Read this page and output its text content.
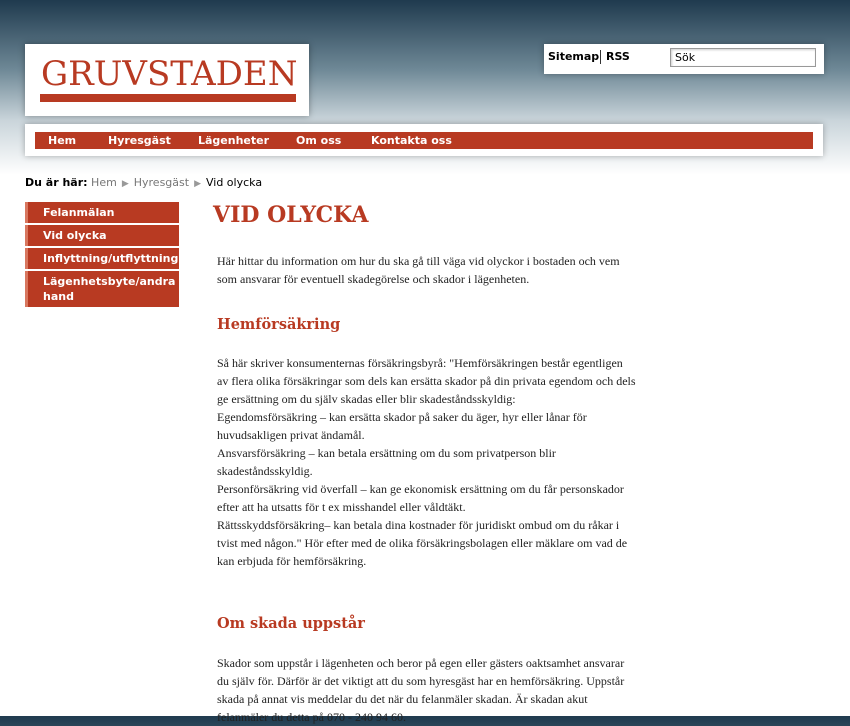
GRUVSTADEN	Sitemap RSS
Sök
Hem	Hyresgäst Lägenheter Om oss	Kontakta oss
Du är här: Hem ▶ Hyresgäst ▶ Vid olycka
Felanmälan
Vid olycka
Inflyttning/utflyttning
Lägenhetsbyte/andra hand
VID OLYCKA
Här hittar du information om hur du ska gå till väga vid olyckor i bostaden och vem som ansvarar för eventuell skadegörelse och skador i lägenheten.
Hemförsäkring
Så här skriver konsumenternas försäkringsbyrå: "Hemförsäkringen består egentligen av flera olika försäkringar som dels kan ersätta skador på din privata egendom och dels ge ersättning om du själv skadas eller blir skadeståndsskyldig:
Egendomsförsäkring – kan ersätta skador på saker du äger, hyr eller lånar för huvudsakligen privat ändamål.
Ansvarsförsäkring – kan betala ersättning om du som privatperson blir skadeståndsskyldig.
Personförsäkring vid överfall – kan ge ekonomisk ersättning om du får personskador efter att ha utsatts för t ex misshandel eller våldtäkt.
Rättsskyddsförsäkring– kan betala dina kostnader för juridiskt ombud om du råkar i tvist med någon." Hör efter med de olika försäkringsbolagen eller mäklare om vad de kan erbjuda för hemförsäkring.
Om skada uppstår
Skador som uppstår i lägenheten och beror på egen eller gästers oaktsamhet ansvarar du själv för. Därför är det viktigt att du som hyresgäst har en hemförsäkring. Uppstår skada på annat vis meddelar du det när du felanmäler skadan. Är skadan akut felanmäler du detta på 070 - 240 94 60.
